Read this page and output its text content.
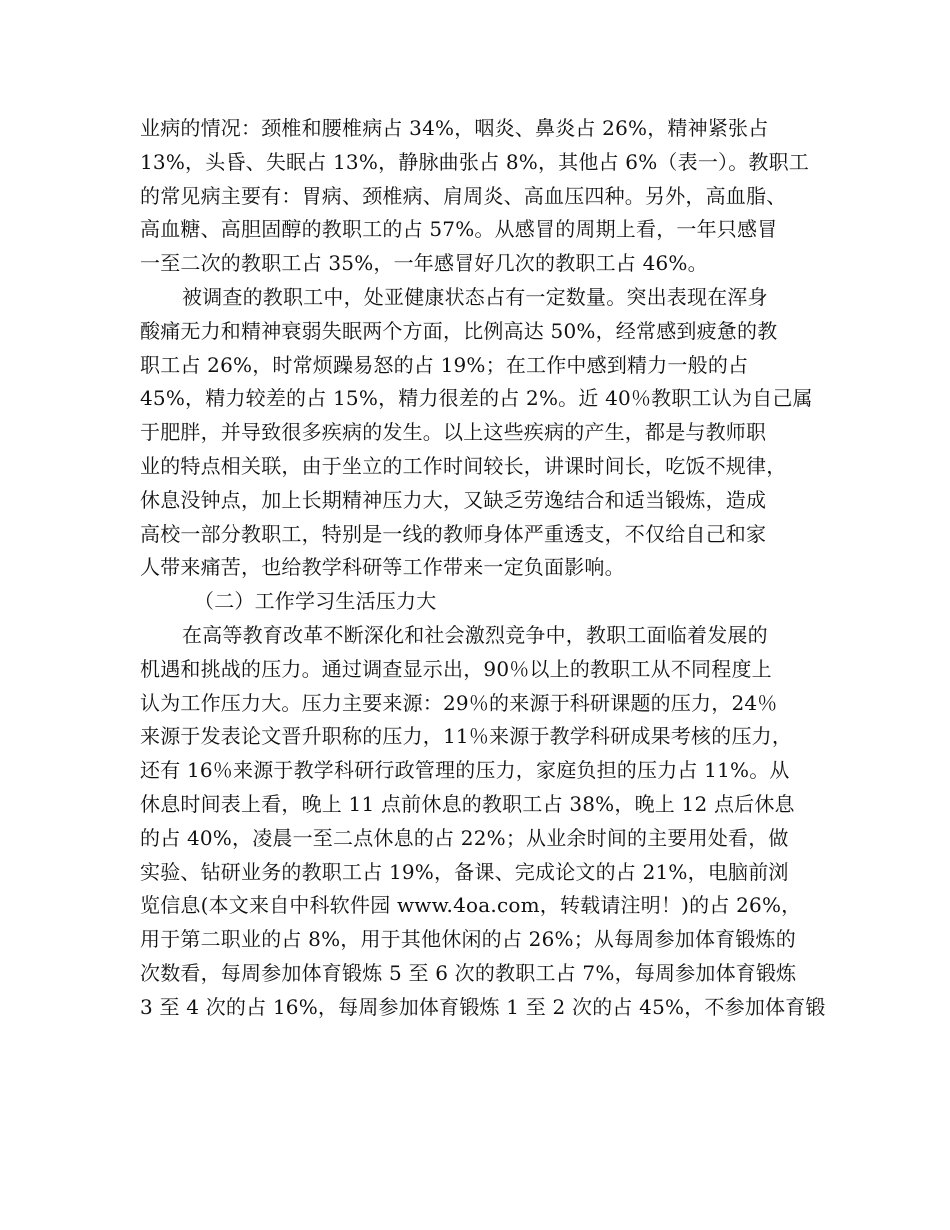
业病的情况：颈椎和腰椎病占 34%，咽炎、鼻炎占 26%，精神紧张占
13%，头昏、失眠占 13%，静脉曲张占 8%，其他占 6%（表一）。教职工
的常见病主要有：胃病、颈椎病、肩周炎、高血压四种。另外，高血脂、
高血糖、高胆固醇的教职工的占 57%。从感冒的周期上看，一年只感冒
一至二次的教职工占 35%，一年感冒好几次的教职工占 46%。
被调查的教职工中，处亚健康状态占有一定数量。突出表现在浑身
酸痛无力和精神衰弱失眠两个方面，比例高达 50%，经常感到疲惫的教
职工占 26%，时常烦躁易怒的占 19%；在工作中感到精力一般的占
45%，精力较差的占 15%，精力很差的占 2%。近 40％教职工认为自己属
于肥胖，并导致很多疾病的发生。以上这些疾病的产生，都是与教师职
业的特点相关联，由于坐立的工作时间较长，讲课时间长，吃饭不规律，
休息没钟点，加上长期精神压力大，又缺乏劳逸结合和适当锻炼，造成
高校一部分教职工，特别是一线的教师身体严重透支，不仅给自己和家
人带来痛苦，也给教学科研等工作带来一定负面影响。
（二）工作学习生活压力大
在高等教育改革不断深化和社会激烈竞争中，教职工面临着发展的
机遇和挑战的压力。通过调查显示出，90％以上的教职工从不同程度上
认为工作压力大。压力主要来源：29％的来源于科研课题的压力，24％
来源于发表论文晋升职称的压力，11％来源于教学科研成果考核的压力，
还有 16％来源于教学科研行政管理的压力，家庭负担的压力占 11%。从
休息时间表上看，晚上 11 点前休息的教职工占 38%，晚上 12 点后休息
的占 40%，凌晨一至二点休息的占 22%；从业余时间的主要用处看，做
实验、钻研业务的教职工占 19%，备课、完成论文的占 21%，电脑前浏
览信息(本文来自中科软件园 www.4oa.com，转载请注明！)的占 26%，
用于第二职业的占 8%，用于其他休闲的占 26%；从每周参加体育锻炼的
次数看，每周参加体育锻炼 5 至 6 次的教职工占 7%，每周参加体育锻炼
3 至 4 次的占 16%，每周参加体育锻炼 1 至 2 次的占 45%，不参加体育锻
